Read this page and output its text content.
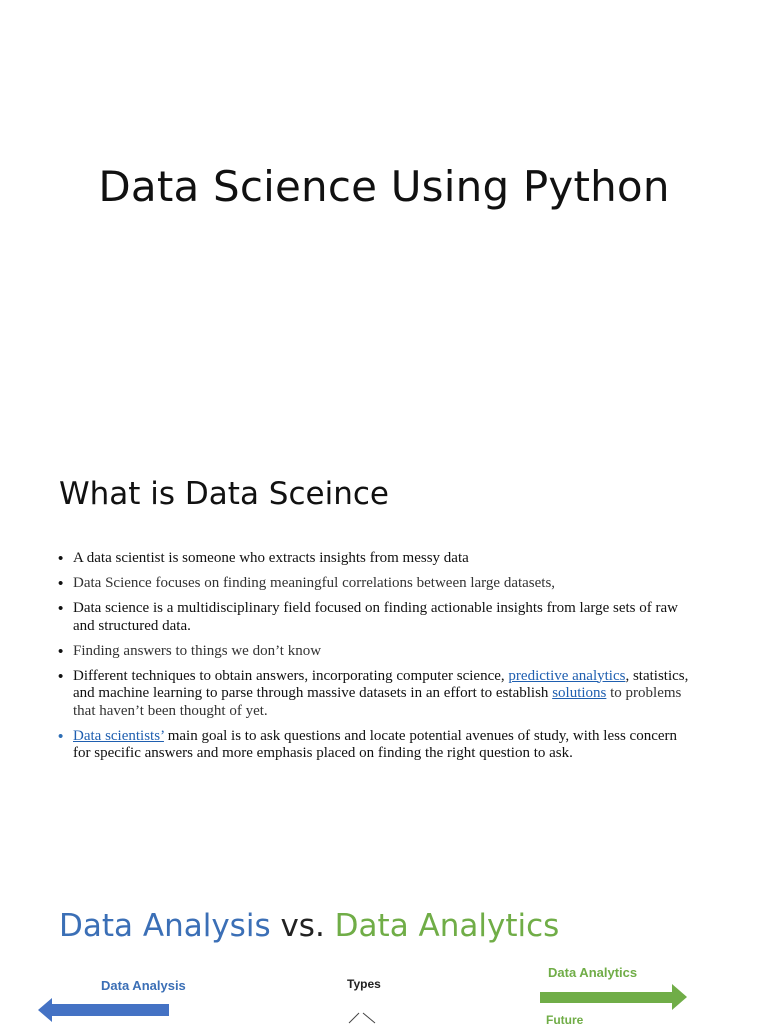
Data Science Using Python
What is Data Sceince
• A data scientist is someone who extracts insights from messy data
• Data Science focuses on finding meaningful correlations between large datasets,
• Data science is a multidisciplinary field focused on finding actionable insights from large sets of raw and structured data.
• Finding answers to things we don’t know
• Different techniques to obtain answers, incorporating computer science, predictive analytics, statistics, and machine learning to parse through massive datasets in an effort to establish solutions to problems that haven’t been thought of yet.
• Data scientists’ main goal is to ask questions and locate potential avenues of study, with less concern for specific answers and more emphasis placed on finding the right question to ask.
Data Analysis vs. Data Analytics

Data Analysis	Types

Data Analytics

Future
